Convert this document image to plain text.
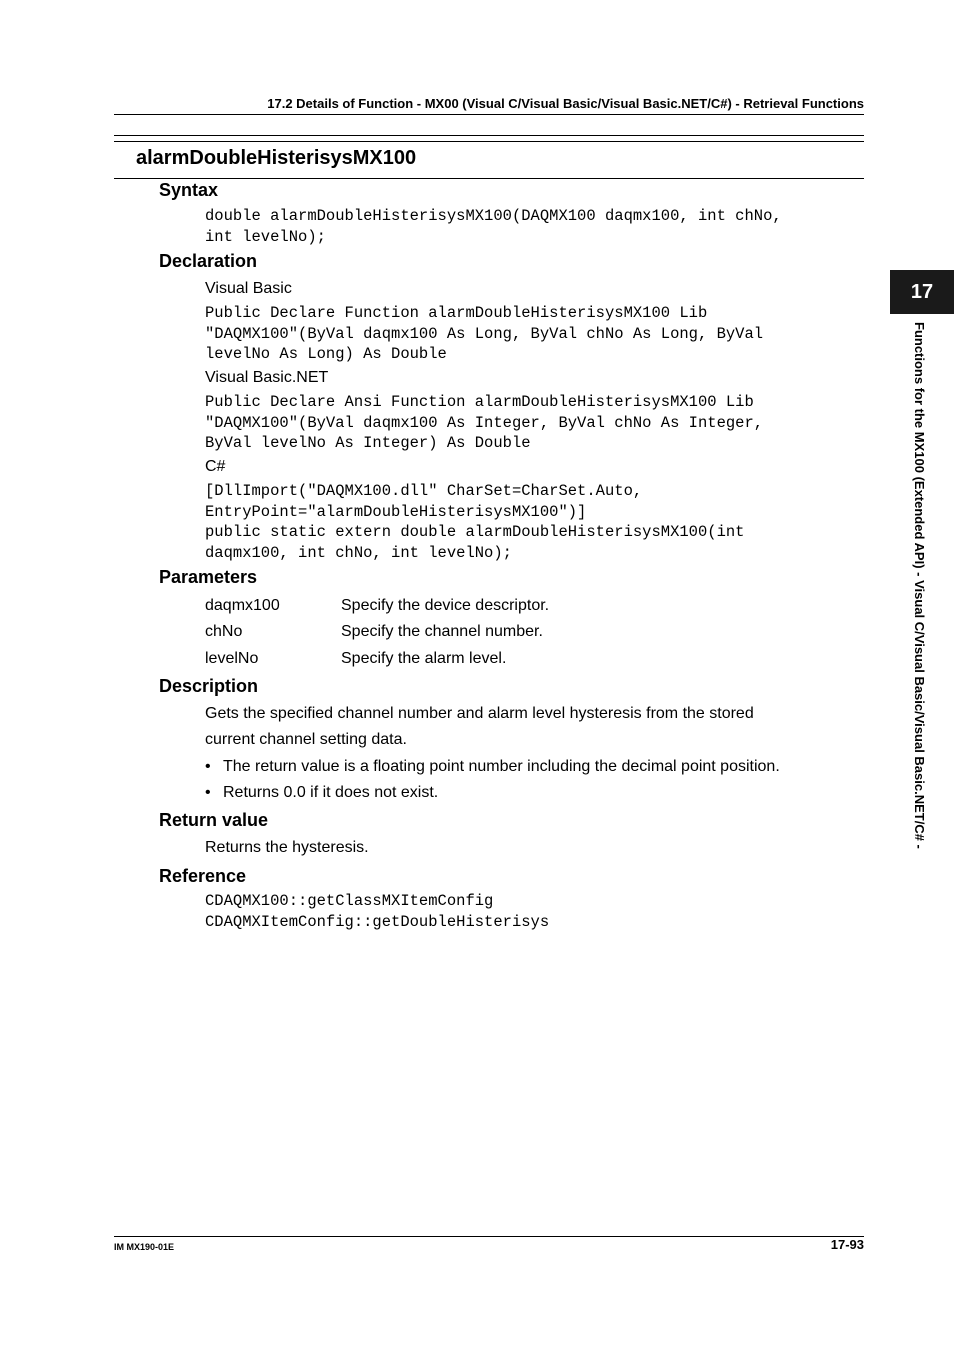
17.2 Details of Function - MX00 (Visual C/Visual Basic/Visual Basic.NET/C#) - Retrieval Functions
alarmDoubleHisterisysMX100
Syntax
double alarmDoubleHisterisysMX100(DAQMX100 daqmx100, int chNo,
int levelNo);
Declaration
Visual Basic
Public Declare Function alarmDoubleHisterisysMX100 Lib
"DAQMX100"(ByVal daqmx100 As Long, ByVal chNo As Long, ByVal
levelNo As Long) As Double
Visual Basic.NET
Public Declare Ansi Function alarmDoubleHisterisysMX100 Lib
"DAQMX100"(ByVal daqmx100 As Integer, ByVal chNo As Integer,
ByVal levelNo As Integer) As Double
C#
[DllImport("DAQMX100.dll" CharSet=CharSet.Auto,
EntryPoint="alarmDoubleHisterisysMX100")]
public static extern double alarmDoubleHisterisysMX100(int
daqmx100, int chNo, int levelNo);
Parameters
daqmx100	Specify the device descriptor.
chNo	Specify the channel number.
levelNo	Specify the alarm level.
Description
Gets the specified channel number and alarm level hysteresis from the stored
current channel setting data.
• The return value is a floating point number including the decimal point position.
• Returns 0.0 if it does not exist.
Return value
Returns the hysteresis.
Reference
CDAQMX100::getClassMXItemConfig
CDAQMXItemConfig::getDoubleHisterisys
17
Functions for the MX100 (Extended API) - Visual C/Visual Basic/Visual Basic.NET/C# -
IM MX190-01E	17-93
